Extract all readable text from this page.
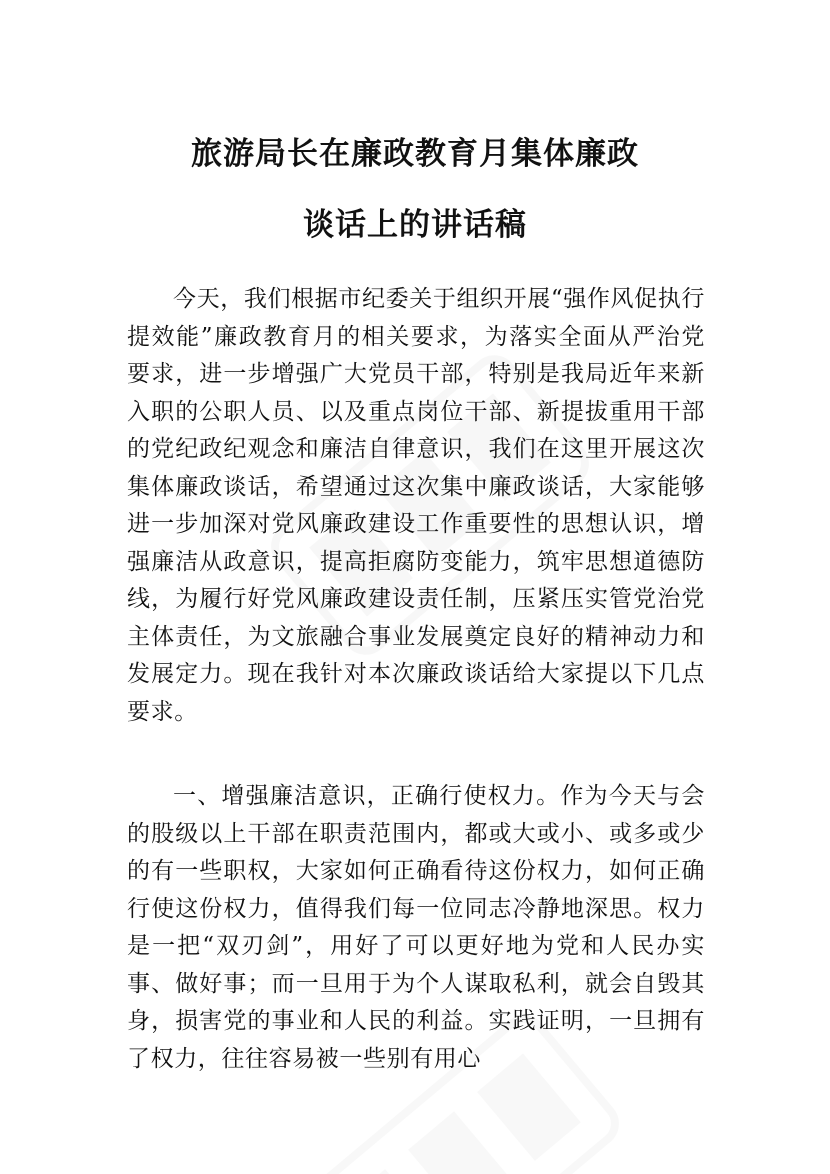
旅游局长在廉政教育月集体廉政
谈话上的讲话稿

今天，我们根据市纪委关于组织开展“强作风促执行提效能”廉政教育月的相关要求，为落实全面从严治党要求，进一步增强广大党员干部，特别是我局近年来新入职的公职人员、以及重点岗位干部、新提拔重用干部的党纪政纪观念和廉洁自律意识，我们在这里开展这次集体廉政谈话，希望通过这次集中廉政谈话，大家能够进一步加深对党风廉政建设工作重要性的思想认识，增强廉洁从政意识，提高拒腐防变能力，筑牢思想道德防线，为履行好党风廉政建设责任制，压紧压实管党治党主体责任，为文旅融合事业发展奠定良好的精神动力和发展定力。现在我针对本次廉政谈话给大家提以下几点要求。

一、增强廉洁意识，正确行使权力。作为今天与会的股级以上干部在职责范围内，都或大或小、或多或少的有一些职权，大家如何正确看待这份权力，如何正确行使这份权力，值得我们每一位同志冷静地深思。权力是一把“双刃剑”，用好了可以更好地为党和人民办实事、做好事；而一旦用于为个人谋取私利，就会自毁其身，损害党的事业和人民的利益。实践证明，一旦拥有了权力，往往容易被一些别有用心
